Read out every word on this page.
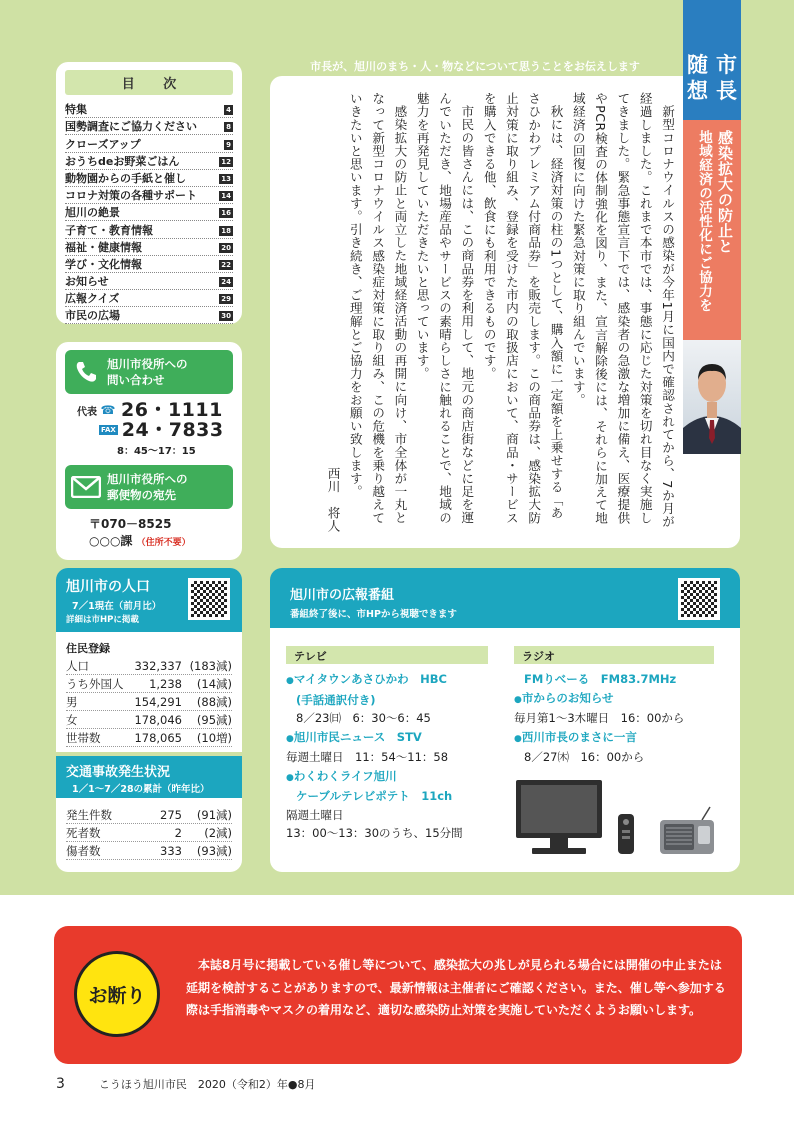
目 次
特集	4
国勢調査にご協力ください	8
クローズアップ	9
おうちdeお野菜ごはん	12
動物園からの手紙と催し	13
コロナ対策の各種サポート	14
旭川の絶景	16
子育て・教育情報	18
福祉・健康情報	20
学び・文化情報	22
お知らせ	24
広報クイズ	29
市民の広場	30
旭川市役所への
問い合わせ
代表 ☎ 26・1111
FAX 24・7833
8：45～17：15
旭川市役所への
郵便物の宛先
〒070－8525
○○○課 （住所不要）
市長が、旭川のまち・人・物などについて思うことをお伝えします

新型コロナウイルスの感染が今年1月に国内で確認されてから、7か月が経過しました。これまで本市では、事態に応じた対策を切れ目なく実施してきました。緊急事態宣言下では、感染者の急激な増加に備え、医療提供やPCR検査の体制強化を図り、また、宣言解除後には、それらに加えて地域経済の回復に向けた緊急対策に取り組んでいます。

秋には、経済対策の柱の1つとして、購入額に一定額を上乗せする「あさひかわプレミアム付商品券」を販売します。この商品券は、感染拡大防止対策に取り組み、登録を受けた市内の取扱店において、商品・サービスを購入できる他、飲食にも利用できるものです。

市民の皆さんには、この商品券を利用して、地元の商店街などに足を運んでいただき、地場産品やサービスの素晴らしさに触れることで、地域の魅力を再発見していただきたいと思っています。

感染拡大の防止と両立した地域経済活動の再開に向け、市全体が一丸となって新型コロナウイルス感染症対策に取り組み、この危機を乗り越えていきたいと思います。引き続き、ご理解とご協力をお願い致します。

西川　将人

随想
市長
感染拡大の防止と
地域経済の活性化にご協力を
旭川市の人口
7／1現在（前月比）
詳細は市HPに掲載
住民登録
人口	332,337 (183減)
うち外国人	1,238	(14減)
男	154,291	(88減)
女	178,046	(95減)
世帯数	178,065	(10増)
交通事故発生状況
1／1～7／28の累計（昨年比）
発生件数	275	(91減)
死者数	2	(2減)
傷者数	333	(93減)
旭川市の広報番組
番組終了後に、市HPから視聴できます
テレビ	ラジオ
●マイタウンあさひかわ　HBC
(手話通訳付き)
8／23㈰　6：30～6：45
●旭川市民ニュース　STV
毎週土曜日　11：54～11：58
●わくわくライフ旭川
ケーブルテレビポテト　11ch
隔週土曜日
13：00～13：30のうち、15分間
FMりべーる　FM83.7MHz
●市からのお知らせ
毎月第1～3木曜日　16：00から
●西川市長のまさに一言
8／27㈭　16：00から
お断り
本誌8月号に掲載している催し等について、感染拡大の兆しが見られる場合には開催の中止または延期を検討することがありますので、最新情報は主催者にご確認ください。また、催し等へ参加する際は手指消毒やマスクの着用など、適切な感染防止対策を実施していただくようお願いします。
3	こうほう旭川市民　2020（令和2）年●8月
